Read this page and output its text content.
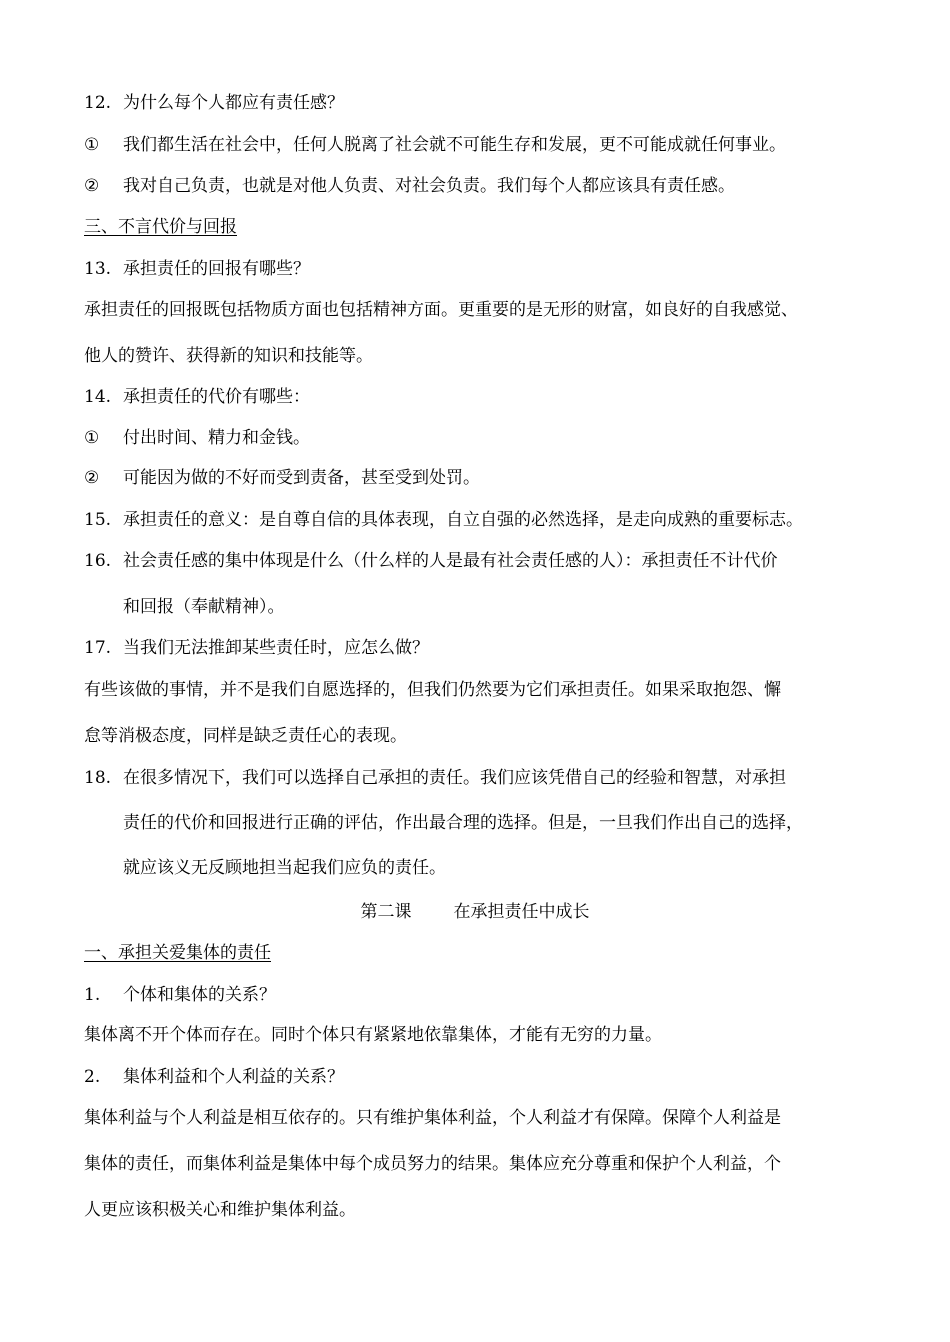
12. 为什么每个人都应有责任感？
① 我们都生活在社会中，任何人脱离了社会就不可能生存和发展，更不可能成就任何事业。
② 我对自己负责，也就是对他人负责、对社会负责。我们每个人都应该具有责任感。
三、不言代价与回报
13. 承担责任的回报有哪些？
承担责任的回报既包括物质方面也包括精神方面。更重要的是无形的财富，如良好的自我感觉、
他人的赞许、获得新的知识和技能等。
14. 承担责任的代价有哪些：
① 付出时间、精力和金钱。
② 可能因为做的不好而受到责备，甚至受到处罚。
15. 承担责任的意义：是自尊自信的具体表现，自立自强的必然选择，是走向成熟的重要标志。
16. 社会责任感的集中体现是什么（什么样的人是最有社会责任感的人）：承担责任不计代价
和回报（奉献精神）。
17. 当我们无法推卸某些责任时，应怎么做？
有些该做的事情，并不是我们自愿选择的，但我们仍然要为它们承担责任。如果采取抱怨、懈
怠等消极态度，同样是缺乏责任心的表现。
18. 在很多情况下，我们可以选择自己承担的责任。我们应该凭借自己的经验和智慧，对承担
责任的代价和回报进行正确的评估，作出最合理的选择。但是，一旦我们作出自己的选择，
就应该义无反顾地担当起我们应负的责任。
第二课 在承担责任中成长
一、承担关爱集体的责任
1. 个体和集体的关系？
集体离不开个体而存在。同时个体只有紧紧地依靠集体，才能有无穷的力量。
2. 集体利益和个人利益的关系？
集体利益与个人利益是相互依存的。只有维护集体利益，个人利益才有保障。保障个人利益是
集体的责任，而集体利益是集体中每个成员努力的结果。集体应充分尊重和保护个人利益，个
人更应该积极关心和维护集体利益。
